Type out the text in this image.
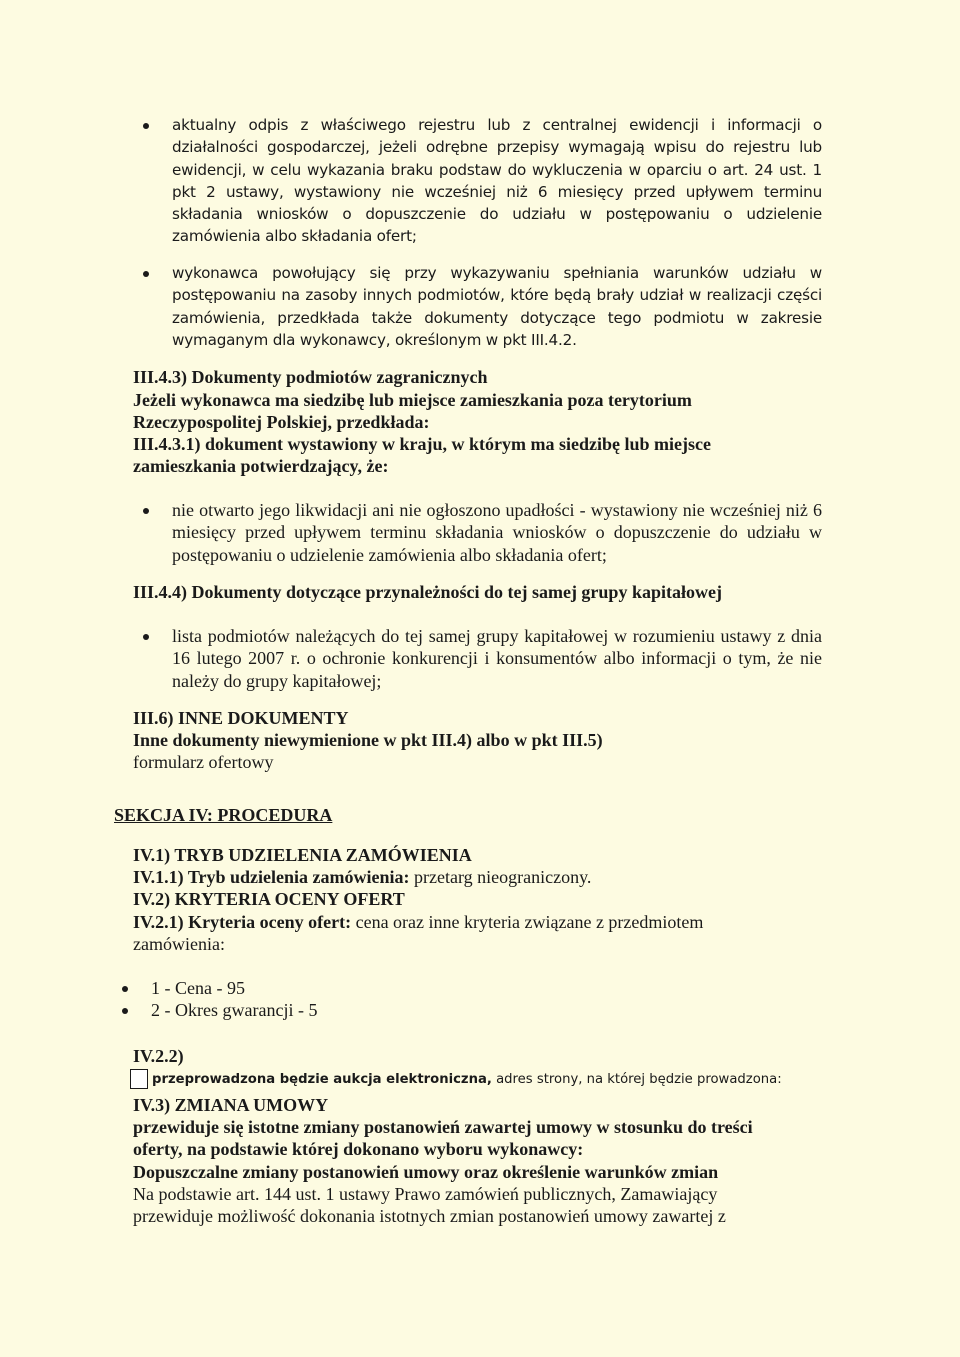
aktualny odpis z właściwego rejestru lub z centralnej ewidencji i informacji o działalności gospodarczej, jeżeli odrębne przepisy wymagają wpisu do rejestru lub ewidencji, w celu wykazania braku podstaw do wykluczenia w oparciu o art. 24 ust. 1 pkt 2 ustawy, wystawiony nie wcześniej niż 6 miesięcy przed upływem terminu składania wniosków o dopuszczenie do udziału w postępowaniu o udzielenie zamówienia albo składania ofert;
wykonawca powołujący się przy wykazywaniu spełniania warunków udziału w postępowaniu na zasoby innych podmiotów, które będą brały udział w realizacji części zamówienia, przedkłada także dokumenty dotyczące tego podmiotu w zakresie wymaganym dla wykonawcy, określonym w pkt III.4.2.
III.4.3) Dokumenty podmiotów zagranicznych
Jeżeli wykonawca ma siedzibę lub miejsce zamieszkania poza terytorium
Rzeczypospolitej Polskiej, przedkłada:
III.4.3.1) dokument wystawiony w kraju, w którym ma siedzibę lub miejsce
zamieszkania potwierdzający, że:
nie otwarto jego likwidacji ani nie ogłoszono upadłości - wystawiony nie wcześniej niż 6 miesięcy przed upływem terminu składania wniosków o dopuszczenie do udziału w postępowaniu o udzielenie zamówienia albo składania ofert;
III.4.4) Dokumenty dotyczące przynależności do tej samej grupy kapitałowej
lista podmiotów należących do tej samej grupy kapitałowej w rozumieniu ustawy z dnia 16 lutego 2007 r. o ochronie konkurencji i konsumentów albo informacji o tym, że nie należy do grupy kapitałowej;
III.6) INNE DOKUMENTY
Inne dokumenty niewymienione w pkt III.4) albo w pkt III.5)
formularz ofertowy
SEKCJA IV: PROCEDURA
IV.1) TRYB UDZIELENIA ZAMÓWIENIA
IV.1.1) Tryb udzielenia zamówienia: przetarg nieograniczony.
IV.2) KRYTERIA OCENY OFERT
IV.2.1) Kryteria oceny ofert: cena oraz inne kryteria związane z przedmiotem
zamówienia:
1 - Cena - 95
2 - Okres gwarancji - 5
IV.2.2)
przeprowadzona będzie aukcja elektroniczna, adres strony, na której będzie prowadzona:
IV.3) ZMIANA UMOWY
przewiduje się istotne zmiany postanowień zawartej umowy w stosunku do treści
oferty, na podstawie której dokonano wyboru wykonawcy:
Dopuszczalne zmiany postanowień umowy oraz określenie warunków zmian
Na podstawie art. 144 ust. 1 ustawy Prawo zamówień publicznych, Zamawiający
przewiduje możliwość dokonania istotnych zmian postanowień umowy zawartej z
